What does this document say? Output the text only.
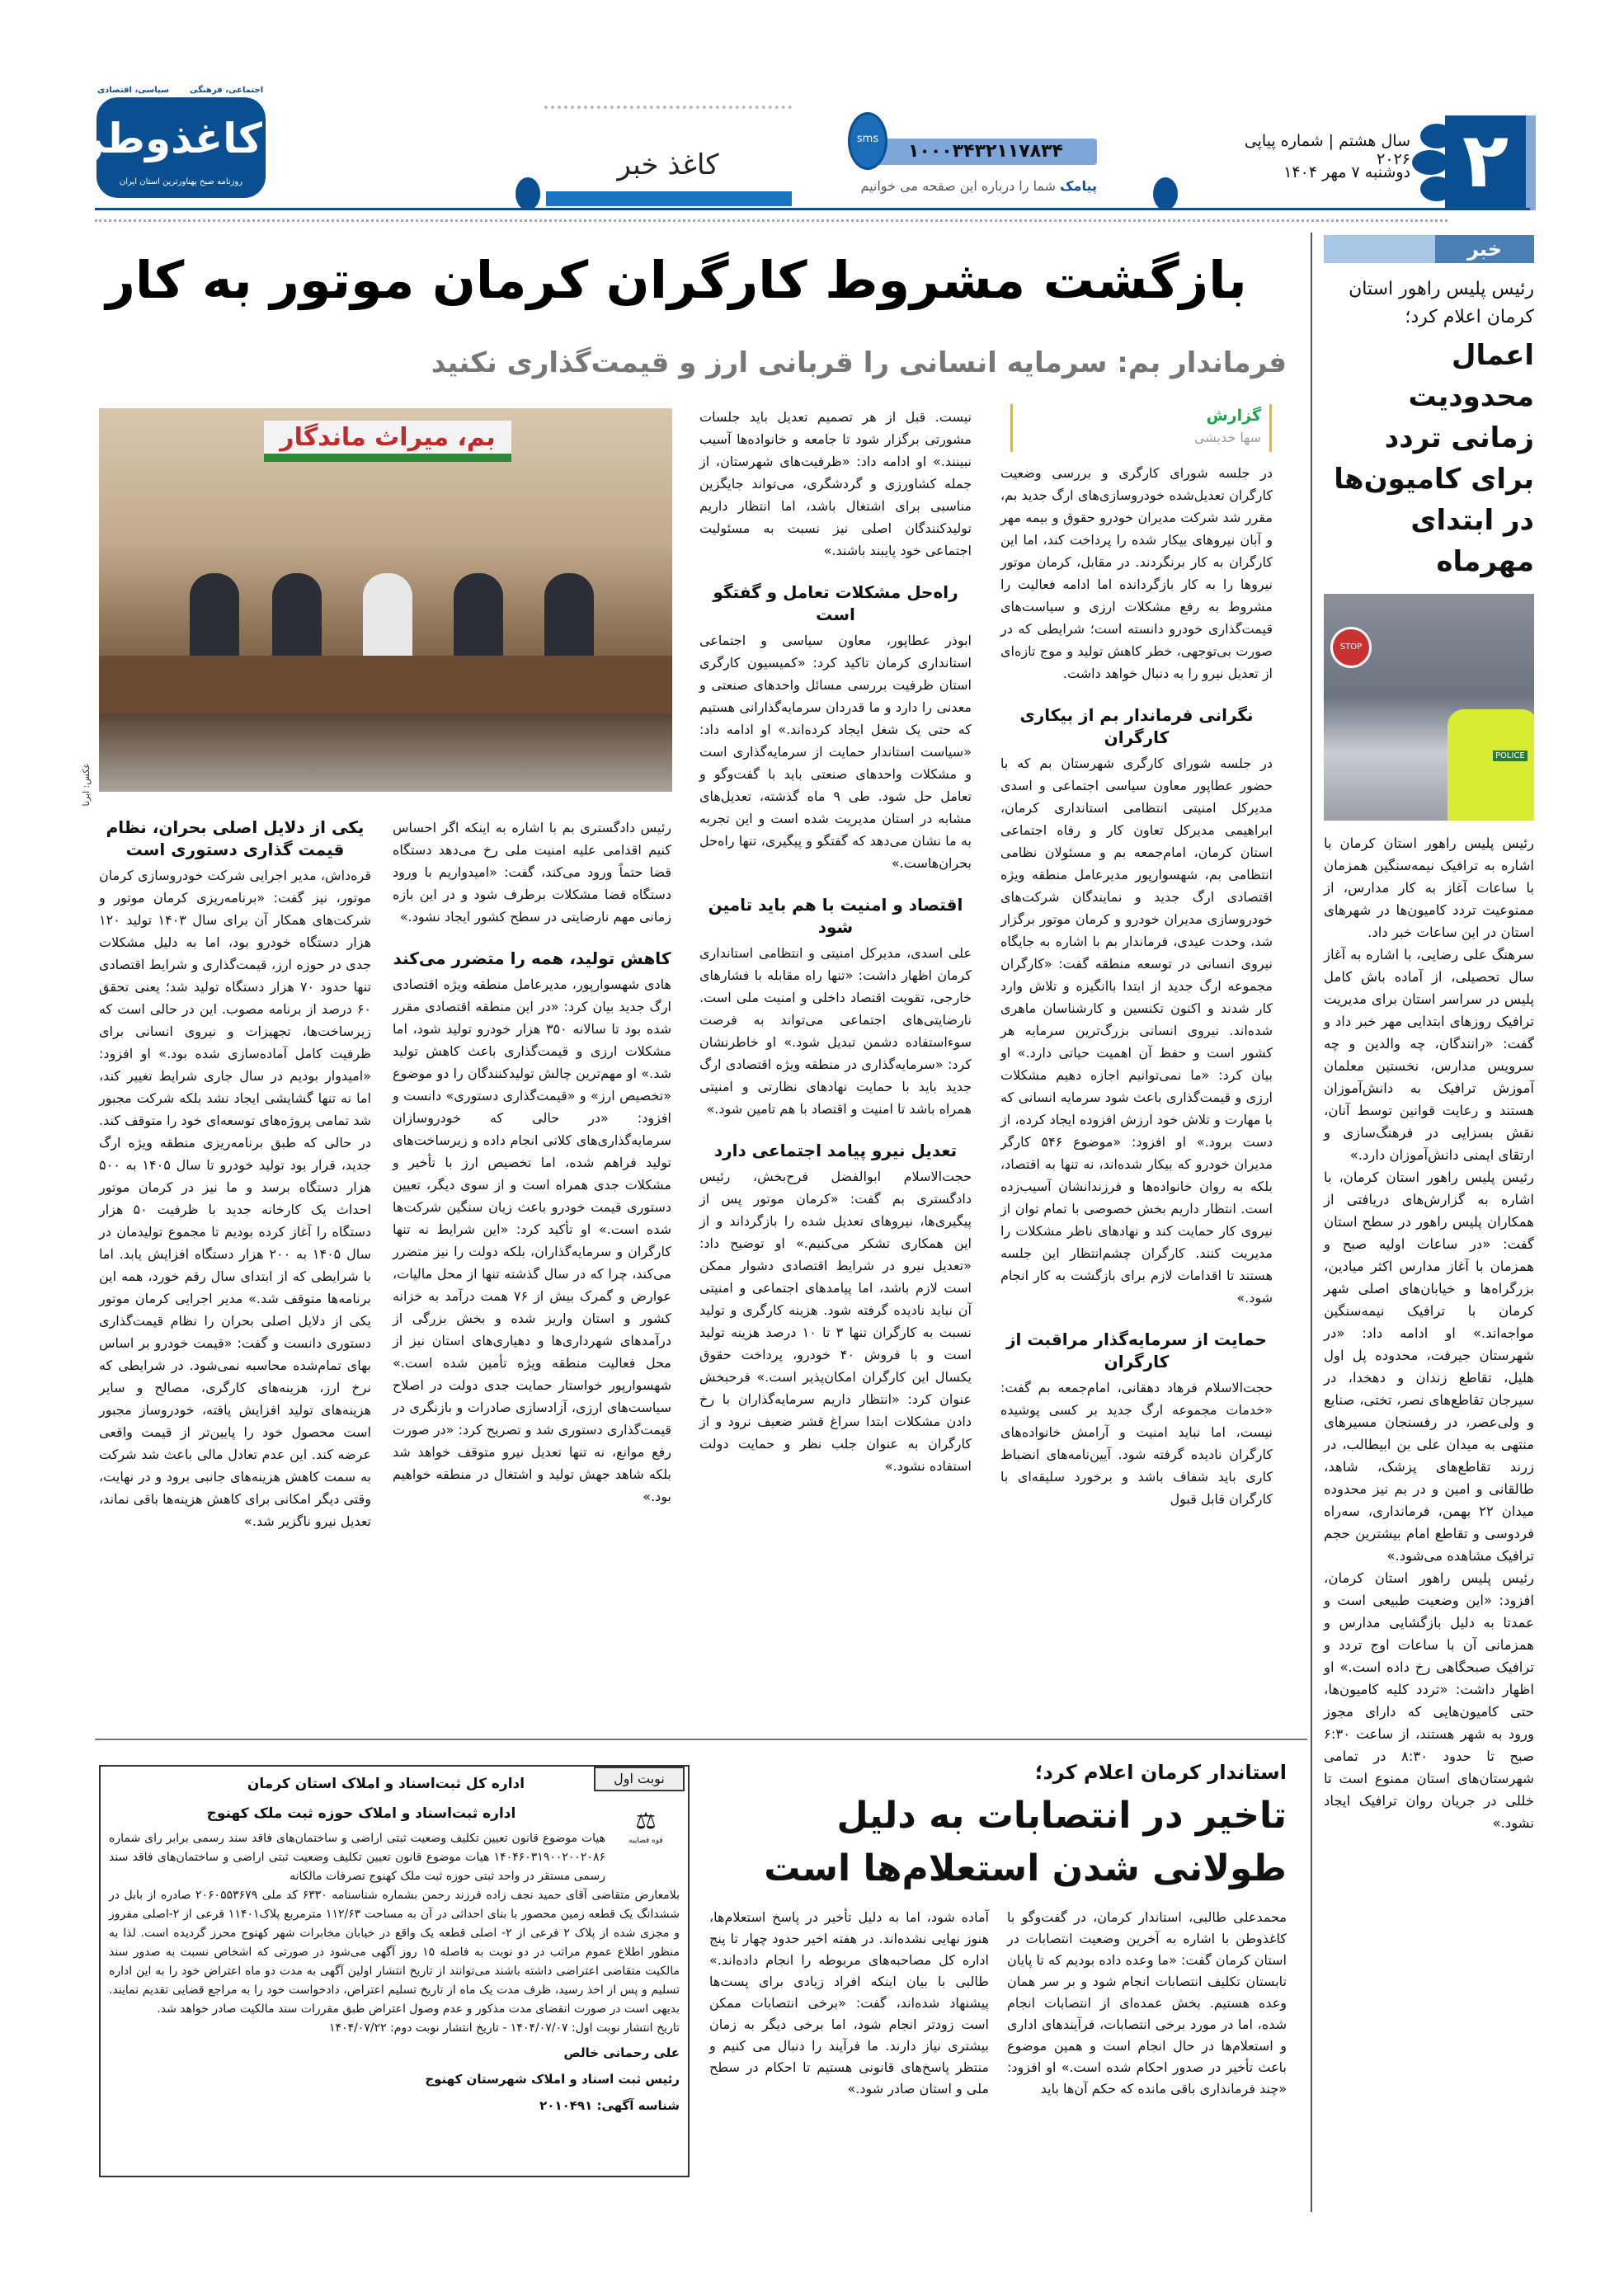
۲
سال هشتم | شماره پیاپی ۲۰۲۶
دوشنبه ۷ مهر ۱۴۰۴
۱۰۰۰۳۴۳۲۱۱۷۸۳۴
sms
پیامک شما را درباره این صفحه می خوانیم
کاغذ خبر
اجتماعی، فرهنگی
سیاسی، اقتصادی
کاغذوطن
روزنامه صبح پهناورترین استان ایران
خبر
رئیس پلیس راهور استان کرمان اعلام کرد؛
اعمال محدودیت زمانی تردد برای کامیون‌ها در ابتدای مهرماه
STOP
POLICE

رئیس پلیس راهور استان کرمان با اشاره به ترافیک نیمه‌سنگین همزمان با ساعات آغاز به کار مدارس، از ممنوعیت تردد کامیون‌ها در شهرهای استان در این ساعات خبر داد.

سرهنگ علی رضایی، با اشاره به آغاز سال تحصیلی، از آماده باش کامل پلیس در سراسر استان برای مدیریت ترافیک روزهای ابتدایی مهر خبر داد و گفت: «رانندگان، چه والدین و چه سرویس مدارس، نخستین معلمان آموزش ترافیک به دانش‌آموزان هستند و رعایت قوانین توسط آنان، نقش بسزایی در فرهنگ‌سازی و ارتقای ایمنی دانش‌آموزان دارد.»

رئیس پلیس راهور استان کرمان، با اشاره به گزارش‌های دریافتی از همکاران پلیس راهور در سطح استان گفت: «در ساعات اولیه صبح و همزمان با آغاز مدارس اکثر میادین، بزرگراه‌ها و خیابان‌های اصلی شهر کرمان با ترافیک نیمه‌سنگین مواجه‌اند.» او ادامه داد: «در شهرستان جیرفت، محدوده پل اول هلیل، تقاطع زندان و دهخدا، در سیرجان تقاطع‌های نصر، تختی، صنایع و ولی‌عصر، در رفسنجان مسیرهای منتهی به میدان علی بن ابیطالب، در زرند تقاطع‌های پزشک، شاهد، طالقانی و امین و در بم نیز محدوده میدان ۲۲ بهمن، فرمانداری، سه‌راه فردوسی و تقاطع امام بیشترین حجم ترافیک مشاهده می‌شود.»

رئیس پلیس راهور استان کرمان، افزود: «این وضعیت طبیعی است و عمدتا به دلیل بازگشایی مدارس و همزمانی آن با ساعات اوج تردد و ترافیک صبحگاهی رخ داده است.» او اظهار داشت: «تردد کلیه کامیون‌ها، حتی کامیون‌هایی که دارای مجوز ورود به شهر هستند، از ساعت ۶:۳۰ صبح تا حدود ۸:۳۰ در تمامی شهرستان‌های استان ممنوع است تا خللی در جریان روان ترافیک ایجاد نشود.»

بازگشت مشروط کارگران کرمان موتور به کار
فرماندار بم: سرمایه انسانی را قربانی ارز و قیمت‌گذاری نکنید
گزارش
سها خدیشی
بم، میراث ماندگار
عکس: ایرنا

در جلسه شورای کارگری و بررسی وضعیت کارگران تعدیل‌شده خودروسازی‌های ارگ جدید بم، مقرر شد شرکت مدیران خودرو حقوق و بیمه مهر و آبان نیروهای بیکار شده را پرداخت کند، اما این کارگران به کار برنگردند. در مقابل، کرمان موتور نیروها را به کار بازگردانده اما ادامه فعالیت را مشروط به رفع مشکلات ارزی و سیاست‌های قیمت‌گذاری خودرو دانسته است؛ شرایطی که در صورت بی‌توجهی، خطر کاهش تولید و موج تازه‌ای از تعدیل نیرو را به دنبال خواهد داشت.

نگرانی فرماندار بم از بیکاری کارگران

در جلسه شورای کارگری شهرستان بم که با حضور عطاپور معاون سیاسی اجتماعی و اسدی مدیرکل امنیتی انتظامی استانداری کرمان، ابراهیمی مدیرکل تعاون کار و رفاه اجتماعی استان کرمان، امام‌جمعه بم و مسئولان نظامی انتظامی بم، شهسوارپور مدیرعامل منطقه ویژه اقتصادی ارگ جدید و نمایندگان شرکت‌های خودروسازی مدیران خودرو و کرمان موتور برگزار شد، وحدت عیدی، فرماندار بم با اشاره به جایگاه نیروی انسانی در توسعه منطقه گفت: «کارگران مجموعه ارگ جدید از ابتدا باانگیزه و تلاش وارد کار شدند و اکنون تکنسین و کارشناسان ماهری شده‌اند. نیروی انسانی بزرگ‌ترین سرمایه هر کشور است و حفظ آن اهمیت حیاتی دارد.» او بیان کرد: «ما نمی‌توانیم اجازه دهیم مشکلات ارزی و قیمت‌گذاری باعث شود سرمایه انسانی که با مهارت و تلاش خود ارزش افزوده ایجاد کرده، از دست برود.» او افزود: «موضوع ۵۴۶ کارگر مدیران خودرو که بیکار شده‌اند، نه تنها به اقتصاد، بلکه به روان خانواده‌ها و فرزندانشان آسیب‌زده است. انتظار داریم بخش خصوصی با تمام توان از نیروی کار حمایت کند و نهادهای ناظر مشکلات را مدیریت کنند. کارگران چشم‌انتظار این جلسه هستند تا اقدامات لازم برای بازگشت به کار انجام شود.»

حمایت از سرمایه‌گذار مراقبت از کارگران

حجت‌الاسلام فرهاد دهقانی، امام‌جمعه بم گفت: «خدمات مجموعه ارگ جدید بر کسی پوشیده نیست، اما نباید امنیت و آرامش خانواده‌های کارگران نادیده گرفته شود. آیین‌نامه‌های انضباط کاری باید شفاف باشد و برخورد سلیقه‌ای با کارگران قابل قبول

نیست. قبل از هر تصمیم تعدیل باید جلسات مشورتی برگزار شود تا جامعه و خانواده‌ها آسیب نبینند.» او ادامه داد: «ظرفیت‌های شهرستان، از جمله کشاورزی و گردشگری، می‌تواند جایگزین مناسبی برای اشتغال باشد، اما انتظار داریم تولیدکنندگان اصلی نیز نسبت به مسئولیت اجتماعی خود پایبند باشند.»

راه‌حل مشکلات تعامل و گفتگو است

ابوذر عطاپور، معاون سیاسی و اجتماعی استانداری کرمان تاکید کرد: «کمیسیون کارگری استان ظرفیت بررسی مسائل واحدهای صنعتی و معدنی را دارد و ما قدردان سرمایه‌گذارانی هستیم که حتی یک شغل ایجاد کرده‌اند.» او ادامه داد: «سیاست استاندار حمایت از سرمایه‌گذاری است و مشکلات واحدهای صنعتی باید با گفت‌وگو و تعامل حل شود. طی ۹ ماه گذشته، تعدیل‌های مشابه در استان مدیریت شده است و این تجربه به ما نشان می‌دهد که گفتگو و پیگیری، تنها راه‌حل بحران‌هاست.»

اقتصاد و امنیت با هم باید تامین شود

علی اسدی، مدیرکل امنیتی و انتظامی استانداری کرمان اظهار داشت: «تنها راه مقابله با فشارهای خارجی، تقویت اقتصاد داخلی و امنیت ملی است. نارضایتی‌های اجتماعی می‌تواند به فرصت سوءاستفاده دشمن تبدیل شود.» او خاطرنشان کرد: «سرمایه‌گذاری در منطقه ویژه اقتصادی ارگ جدید باید با حمایت نهادهای نظارتی و امنیتی همراه باشد تا امنیت و اقتصاد با هم تامین شود.»

تعدیل نیرو پیامد اجتماعی دارد

حجت‌الاسلام ابوالفضل فرح‌بخش، رئیس دادگستری بم گفت: «کرمان موتور پس از پیگیری‌ها، نیروهای تعدیل شده را بازگرداند و از این همکاری تشکر می‌کنیم.» او توضیح داد: «تعدیل نیرو در شرایط اقتصادی دشوار ممکن است لازم باشد، اما پیامدهای اجتماعی و امنیتی آن نباید نادیده گرفته شود. هزینه کارگری و تولید نسبت به کارگران تنها ۳ تا ۱۰ درصد هزینه تولید است و با فروش ۴۰ خودرو، پرداخت حقوق یکسال این کارگران امکان‌پذیر است.» فرحبخش عنوان کرد: «انتظار داریم سرمایه‌گذاران با رخ دادن مشکلات ابتدا سراغ قشر ضعیف نرود و از کارگران به عنوان جلب نظر و حمایت دولت استفاده نشود.»

رئیس دادگستری بم با اشاره به اینکه اگر احساس کنیم اقدامی علیه امنیت ملی رخ می‌دهد دستگاه قضا حتماً ورود می‌کند، گفت: «امیدواریم با ورود دستگاه قضا مشکلات برطرف شود و در این بازه زمانی مهم نارضایتی در سطح کشور ایجاد نشود.»

کاهش تولید، همه را متضرر می‌کند

هادی شهسوارپور، مدیرعامل منطقه ویژه اقتصادی ارگ جدید بیان کرد: «در این منطقه اقتصادی مقرر شده بود تا سالانه ۳۵۰ هزار خودرو تولید شود، اما مشکلات ارزی و قیمت‌گذاری باعث کاهش تولید شد.» او مهم‌ترین چالش تولیدکنندگان را دو موضوع «تخصیص ارز» و «قیمت‌گذاری دستوری» دانست و افزود: «در حالی که خودروسازان سرمایه‌گذاری‌های کلانی انجام داده و زیرساخت‌های تولید فراهم شده، اما تخصیص ارز با تأخیر و مشکلات جدی همراه است و از سوی دیگر، تعیین دستوری قیمت خودرو باعث زیان سنگین شرکت‌ها شده است.» او تأکید کرد: «این شرایط نه تنها کارگران و سرمایه‌گذاران، بلکه دولت را نیز متضرر می‌کند، چرا که در سال گذشته تنها از محل مالیات، عوارض و گمرک بیش از ۷۶ همت درآمد به خزانه کشور و استان واریز شده و بخش بزرگی از درآمدهای شهرداری‌ها و دهیاری‌های استان نیز از محل فعالیت منطقه ویژه تأمین شده است.» شهسوارپور خواستار حمایت جدی دولت در اصلاح سیاست‌های ارزی، آزادسازی صادرات و بازنگری در قیمت‌گذاری دستوری شد و تصریح کرد: «در صورت رفع موانع، نه تنها تعدیل نیرو متوقف خواهد شد بلکه شاهد جهش تولید و اشتغال در منطقه خواهیم بود.»

یکی از دلایل اصلی بحران، نظام قیمت گذاری دستوری است

قره‌داش، مدیر اجرایی شرکت خودروسازی کرمان موتور، نیز گفت: «برنامه‌ریزی کرمان موتور و شرکت‌های همکار آن برای سال ۱۴۰۳ تولید ۱۲۰ هزار دستگاه خودرو بود، اما به دلیل مشکلات جدی در حوزه ارز، قیمت‌گذاری و شرایط اقتصادی تنها حدود ۷۰ هزار دستگاه تولید شد؛ یعنی تحقق ۶۰ درصد از برنامه مصوب. این در حالی است که زیرساخت‌ها، تجهیزات و نیروی انسانی برای ظرفیت کامل آماده‌سازی شده بود.» او افزود: «امیدوار بودیم در سال جاری شرایط تغییر کند، اما نه تنها گشایشی ایجاد نشد بلکه شرکت مجبور شد تمامی پروژه‌های توسعه‌ای خود را متوقف کند. در حالی که طبق برنامه‌ریزی منطقه ویژه ارگ جدید، قرار بود تولید خودرو تا سال ۱۴۰۵ به ۵۰۰ هزار دستگاه برسد و ما نیز در کرمان موتور احداث یک کارخانه جدید با ظرفیت ۵۰ هزار دستگاه را آغاز کرده بودیم تا مجموع تولیدمان در سال ۱۴۰۵ به ۲۰۰ هزار دستگاه افزایش یابد. اما با شرایطی که از ابتدای سال رقم خورد، همه این برنامه‌ها متوقف شد.» مدیر اجرایی کرمان موتور یکی از دلایل اصلی بحران را نظام قیمت‌گذاری دستوری دانست و گفت: «قیمت خودرو بر اساس بهای تمام‌شده محاسبه نمی‌شود. در شرایطی که نرخ ارز، هزینه‌های کارگری، مصالح و سایر هزینه‌های تولید افزایش یافته، خودروساز مجبور است محصول خود را پایین‌تر از قیمت واقعی عرضه کند. این عدم تعادل مالی باعث شد شرکت به سمت کاهش هزینه‌های جانبی برود و در نهایت، وقتی دیگر امکانی برای کاهش هزینه‌ها باقی نماند، تعدیل نیرو ناگزیر شد.»

استاندار کرمان اعلام کرد؛
تاخیر در انتصابات به دلیل طولانی شدن استعلام‌ها است
محمدعلی طالبی، استاندار کرمان، در گفت‌وگو با کاغذوطن با اشاره به آخرین وضعیت انتصابات در استان کرمان گفت: «ما وعده داده بودیم که تا پایان تابستان تکلیف انتصابات انجام شود و بر سر همان وعده هستیم. بخش عمده‌ای از انتصابات انجام شده، اما در مورد برخی انتصابات، فرآیندهای اداری و استعلام‌ها در حال انجام است و همین موضوع باعث تأخیر در صدور احکام شده است.» او افزود: «چند فرمانداری باقی مانده که حکم آن‌ها باید
آماده شود، اما به دلیل تأخیر در پاسخ استعلام‌ها، هنوز نهایی نشده‌اند. در هفته اخیر حدود چهار تا پنج اداره کل مصاحبه‌های مربوطه را انجام داده‌اند.» طالبی با بیان اینکه افراد زیادی برای پست‌ها پیشنهاد شده‌اند، گفت: «برخی انتصابات ممکن است زودتر انجام شود، اما برخی دیگر به زمان بیشتری نیاز دارند. ما فرآیند را دنبال می کنیم و منتظر پاسخ‌های قانونی هستیم تا احکام در سطح ملی و استان صادر شود.»
نوبت اول
اداره کل ثبت‌اسناد و املاک استان کرمان
⚖
قوه قضاییه
اداره ثبت‌اسناد و املاک حوزه ثبت ملک کهنوج
هیات موضوع قانون تعیین تکلیف وضعیت ثبتی اراضی و ساختمان‌های فاقد سند رسمی برابر رای شماره ۱۴۰۴۶۰۳۱۹۰۰۲۰۰۲۰۸۶ هیات موضوع قانون تعیین تکلیف وضعیت ثبتی اراضی و ساختمان‌های فاقد سند رسمی مستقر در واحد ثبتی حوزه ثبت ملک کهنوج تصرفات مالکانه
بلامعارض متقاضی آقای حمید نجف زاده فرزند رحمن بشماره شناسنامه ۶۳۳۰ کد ملی ۲۰۶۰۵۵۳۶۷۹ صادره از بابل در ششدانگ یک قطعه زمین محصور با بنای احداثی در آن به مساحت ۱۱۲/۶۳ مترمربع پلاک۱۱۴۰۱ فرعی از ۲-اصلی مفروز و مجزی شده از پلاک ۲ فرعی از ۲- اصلی قطعه یک واقع در خیابان مخابرات شهر کهنوج محرز گردیده است. لذا به منظور اطلاع عموم مراتب در دو نوبت به فاصله ۱۵ روز آگهی می‌شود در صورتی که اشخاص نسبت به صدور سند مالکیت متقاضی اعتراضی داشته باشند می‌توانند از تاریخ انتشار اولین آگهی به مدت دو ماه اعتراض خود را به این اداره تسلیم و پس از اخذ رسید، ظرف مدت یک ماه از تاریخ تسلیم اعتراض، دادخواست خود را به مراجع قضایی تقدیم نمایند. بدیهی است در صورت انقضای مدت مذکور و عدم وصول اعتراض طبق مقررات سند مالکیت صادر خواهد شد.
تاریخ انتشار نوبت اول: ۱۴۰۴/۰۷/۰۷ - تاریخ انتشار نوبت دوم: ۱۴۰۴/۰۷/۲۲
علی رحمانی خالص
رئیس ثبت اسناد و املاک شهرستان کهنوج
شناسه آگهی: ۲۰۱۰۴۹۱
